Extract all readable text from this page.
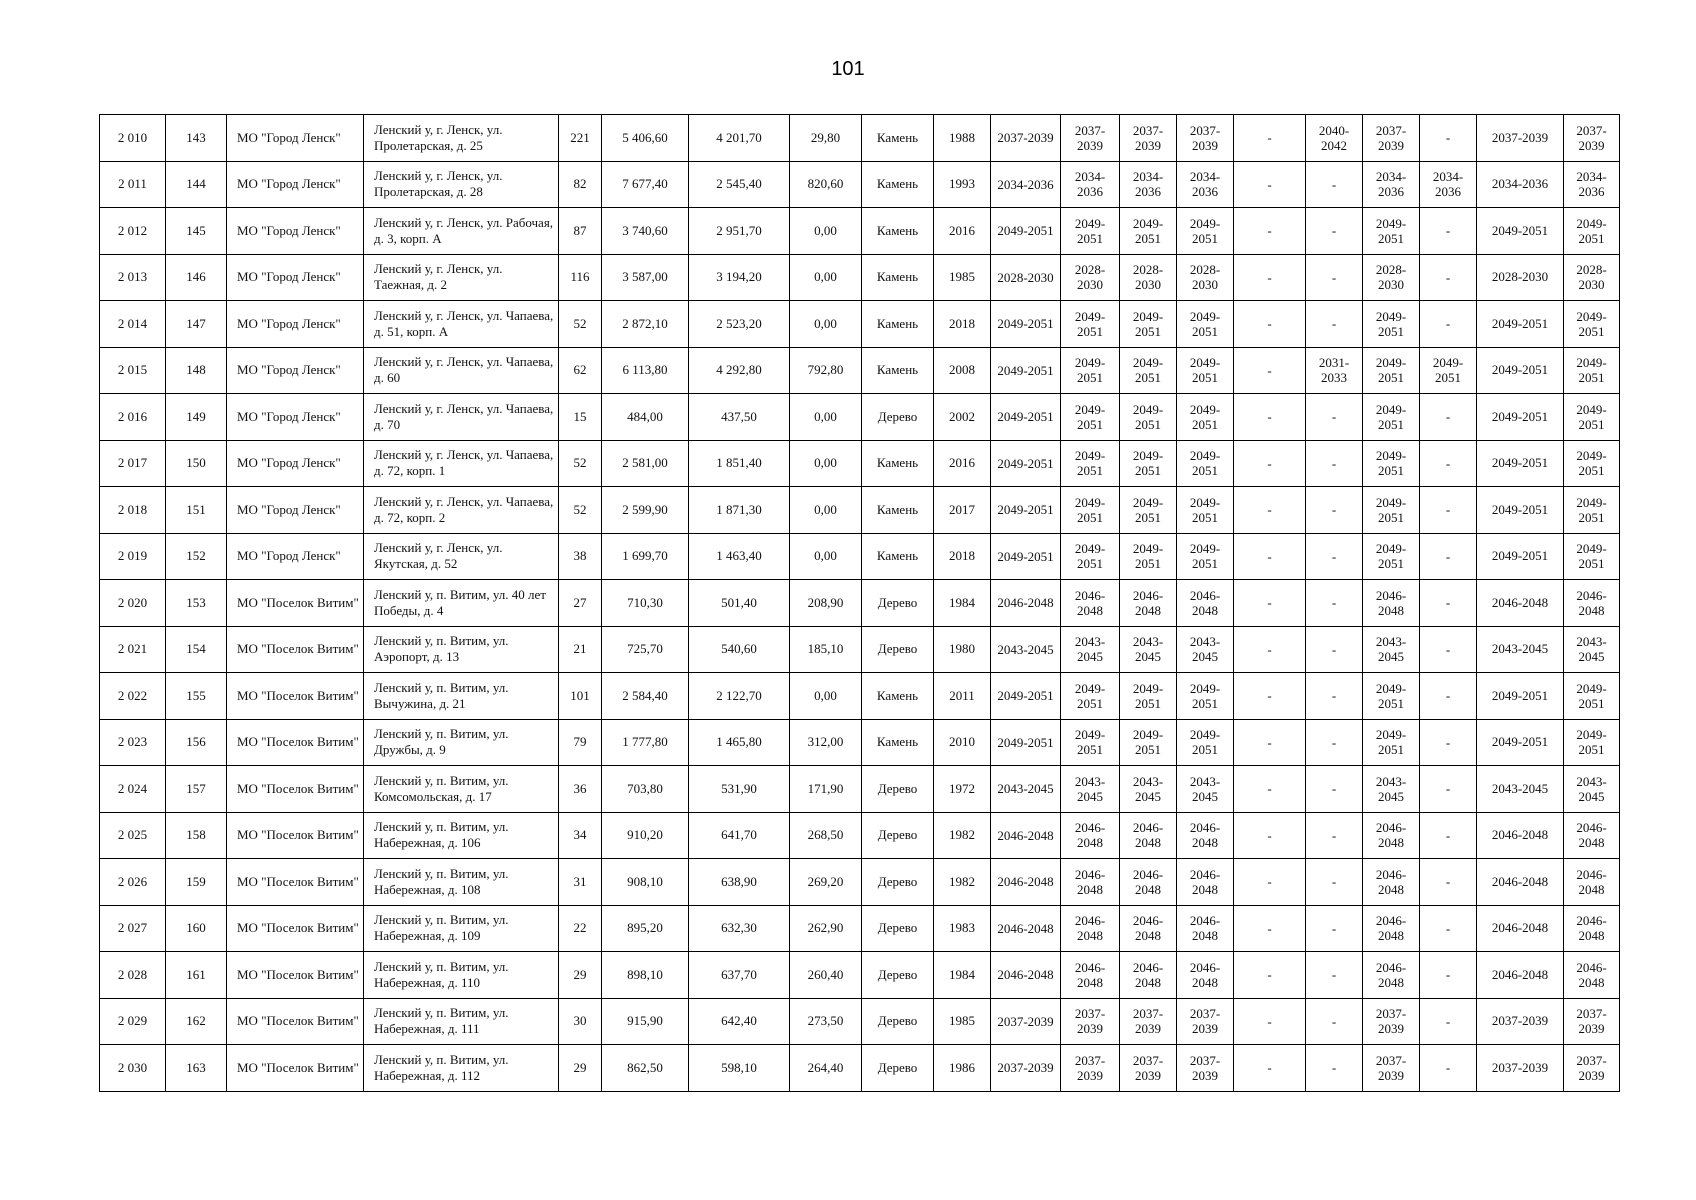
101
2 010	143	МО "Город Ленск"	Ленский у, г. Ленск, ул. Пролетарская, д. 25	221	5 406,60	4 201,70	29,80	Камень	1988	2037-2039	2037-2039	2037-2039	2037-2039	-	2040-2042	2037-2039	-	2037-2039	2037-2039
2 011	144	МО "Город Ленск"	Ленский у, г. Ленск, ул. Пролетарская, д. 28	82	7 677,40	2 545,40	820,60	Камень	1993	2034-2036	2034-2036	2034-2036	2034-2036	-	-	2034-2036	2034-2036	2034-2036	2034-2036
2 012	145	МО "Город Ленск"	Ленский у, г. Ленск, ул. Рабочая, д. 3, корп. А	87	3 740,60	2 951,70	0,00	Камень	2016	2049-2051	2049-2051	2049-2051	2049-2051	-	-	2049-2051	-	2049-2051	2049-2051
2 013	146	МО "Город Ленск"	Ленский у, г. Ленск, ул. Таежная, д. 2	116	3 587,00	3 194,20	0,00	Камень	1985	2028-2030	2028-2030	2028-2030	2028-2030	-	-	2028-2030	-	2028-2030	2028-2030
2 014	147	МО "Город Ленск"	Ленский у, г. Ленск, ул. Чапаева, д. 51, корп. А	52	2 872,10	2 523,20	0,00	Камень	2018	2049-2051	2049-2051	2049-2051	2049-2051	-	-	2049-2051	-	2049-2051	2049-2051
2 015	148	МО "Город Ленск"	Ленский у, г. Ленск, ул. Чапаева, д. 60	62	6 113,80	4 292,80	792,80	Камень	2008	2049-2051	2049-2051	2049-2051	2049-2051	-	2031-2033	2049-2051	2049-2051	2049-2051	2049-2051
2 016	149	МО "Город Ленск"	Ленский у, г. Ленск, ул. Чапаева, д. 70	15	484,00	437,50	0,00	Дерево	2002	2049-2051	2049-2051	2049-2051	2049-2051	-	-	2049-2051	-	2049-2051	2049-2051
2 017	150	МО "Город Ленск"	Ленский у, г. Ленск, ул. Чапаева, д. 72, корп. 1	52	2 581,00	1 851,40	0,00	Камень	2016	2049-2051	2049-2051	2049-2051	2049-2051	-	-	2049-2051	-	2049-2051	2049-2051
2 018	151	МО "Город Ленск"	Ленский у, г. Ленск, ул. Чапаева, д. 72, корп. 2	52	2 599,90	1 871,30	0,00	Камень	2017	2049-2051	2049-2051	2049-2051	2049-2051	-	-	2049-2051	-	2049-2051	2049-2051
2 019	152	МО "Город Ленск"	Ленский у, г. Ленск, ул. Якутская, д. 52	38	1 699,70	1 463,40	0,00	Камень	2018	2049-2051	2049-2051	2049-2051	2049-2051	-	-	2049-2051	-	2049-2051	2049-2051
2 020	153	МО "Поселок Витим"	Ленский у, п. Витим, ул. 40 лет Победы, д. 4	27	710,30	501,40	208,90	Дерево	1984	2046-2048	2046-2048	2046-2048	2046-2048	-	-	2046-2048	-	2046-2048	2046-2048
2 021	154	МО "Поселок Витим"	Ленский у, п. Витим, ул. Аэропорт, д. 13	21	725,70	540,60	185,10	Дерево	1980	2043-2045	2043-2045	2043-2045	2043-2045	-	-	2043-2045	-	2043-2045	2043-2045
2 022	155	МО "Поселок Витим"	Ленский у, п. Витим, ул. Вычужина, д. 21	101	2 584,40	2 122,70	0,00	Камень	2011	2049-2051	2049-2051	2049-2051	2049-2051	-	-	2049-2051	-	2049-2051	2049-2051
2 023	156	МО "Поселок Витим"	Ленский у, п. Витим, ул. Дружбы, д. 9	79	1 777,80	1 465,80	312,00	Камень	2010	2049-2051	2049-2051	2049-2051	2049-2051	-	-	2049-2051	-	2049-2051	2049-2051
2 024	157	МО "Поселок Витим"	Ленский у, п. Витим, ул. Комсомольская, д. 17	36	703,80	531,90	171,90	Дерево	1972	2043-2045	2043-2045	2043-2045	2043-2045	-	-	2043-2045	-	2043-2045	2043-2045
2 025	158	МО "Поселок Витим"	Ленский у, п. Витим, ул. Набережная, д. 106	34	910,20	641,70	268,50	Дерево	1982	2046-2048	2046-2048	2046-2048	2046-2048	-	-	2046-2048	-	2046-2048	2046-2048
2 026	159	МО "Поселок Витим"	Ленский у, п. Витим, ул. Набережная, д. 108	31	908,10	638,90	269,20	Дерево	1982	2046-2048	2046-2048	2046-2048	2046-2048	-	-	2046-2048	-	2046-2048	2046-2048
2 027	160	МО "Поселок Витим"	Ленский у, п. Витим, ул. Набережная, д. 109	22	895,20	632,30	262,90	Дерево	1983	2046-2048	2046-2048	2046-2048	2046-2048	-	-	2046-2048	-	2046-2048	2046-2048
2 028	161	МО "Поселок Витим"	Ленский у, п. Витим, ул. Набережная, д. 110	29	898,10	637,70	260,40	Дерево	1984	2046-2048	2046-2048	2046-2048	2046-2048	-	-	2046-2048	-	2046-2048	2046-2048
2 029	162	МО "Поселок Витим"	Ленский у, п. Витим, ул. Набережная, д. 111	30	915,90	642,40	273,50	Дерево	1985	2037-2039	2037-2039	2037-2039	2037-2039	-	-	2037-2039	-	2037-2039	2037-2039
2 030	163	МО "Поселок Витим"	Ленский у, п. Витим, ул. Набережная, д. 112	29	862,50	598,10	264,40	Дерево	1986	2037-2039	2037-2039	2037-2039	2037-2039	-	-	2037-2039	-	2037-2039	2037-2039
